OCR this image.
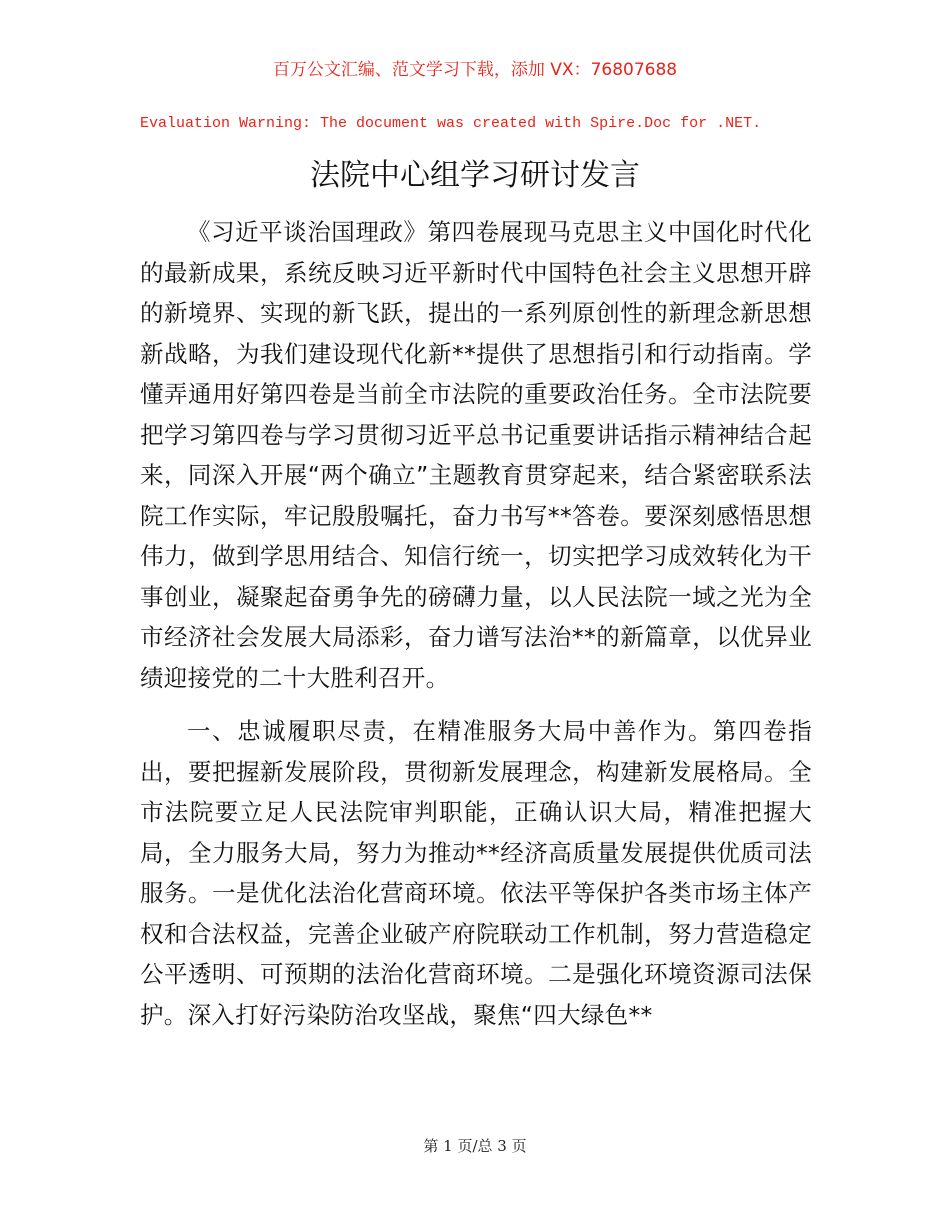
百万公文汇编、范文学习下载，添加 VX：76807688

Evaluation Warning: The document was created with Spire.Doc for .NET.

法院中心组学习研讨发言

《习近平谈治国理政》第四卷展现马克思主义中国化时代化的最新成果，系统反映习近平新时代中国特色社会主义思想开辟的新境界、实现的新飞跃，提出的一系列原创性的新理念新思想新战略，为我们建设现代化新**提供了思想指引和行动指南。学懂弄通用好第四卷是当前全市法院的重要政治任务。全市法院要把学习第四卷与学习贯彻习近平总书记重要讲话指示精神结合起来，同深入开展“两个确立”主题教育贯穿起来，结合紧密联系法院工作实际，牢记殷殷嘱托，奋力书写**答卷。要深刻感悟思想伟力，做到学思用结合、知信行统一，切实把学习成效转化为干事创业，凝聚起奋勇争先的磅礴力量，以人民法院一域之光为全市经济社会发展大局添彩，奋力谱写法治**的新篇章，以优异业绩迎接党的二十大胜利召开。

一、忠诚履职尽责，在精准服务大局中善作为。第四卷指出，要把握新发展阶段，贯彻新发展理念，构建新发展格局。全市法院要立足人民法院审判职能，正确认识大局，精准把握大局，全力服务大局，努力为推动**经济高质量发展提供优质司法服务。一是优化法治化营商环境。依法平等保护各类市场主体产权和合法权益，完善企业破产府院联动工作机制，努力营造稳定公平透明、可预期的法治化营商环境。二是强化环境资源司法保护。深入打好污染防治攻坚战，聚焦“四大绿色**

第 1 页/总 3 页
